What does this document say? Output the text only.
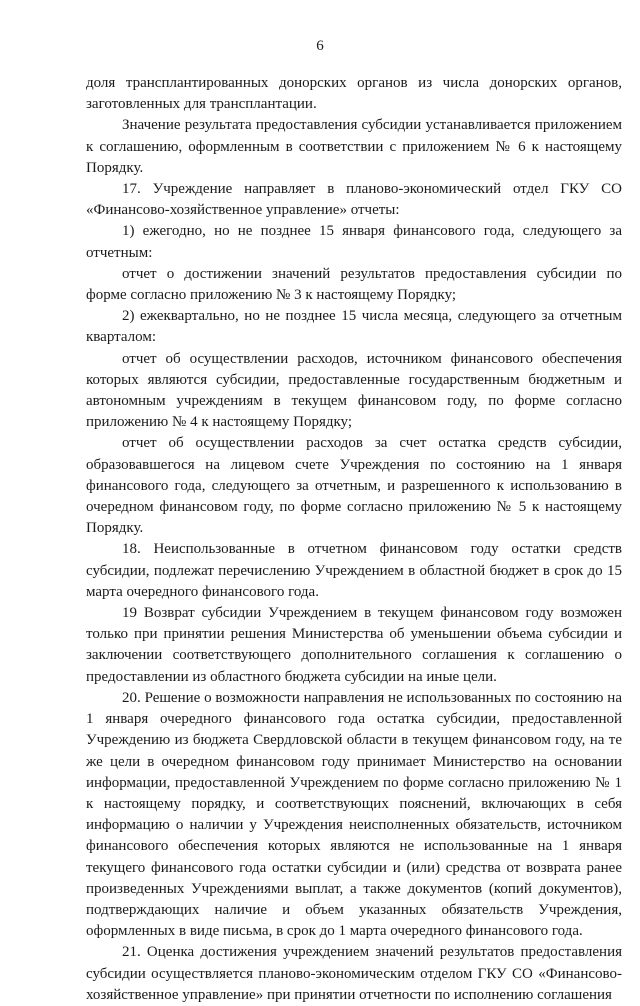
6

доля трансплантированных донорских органов из числа донорских органов, заготовленных для трансплантации.

Значение результата предоставления субсидии устанавливается приложением к соглашению, оформленным в соответствии с приложением № 6 к настоящему Порядку.

17. Учреждение направляет в планово-экономический отдел ГКУ СО «Финансово-хозяйственное управление» отчеты:

1) ежегодно, но не позднее 15 января финансового года, следующего за отчетным:

отчет о достижении значений результатов предоставления субсидии по форме согласно приложению № 3 к настоящему Порядку;

2) ежеквартально, но не позднее 15 числа месяца, следующего за отчетным кварталом:

отчет об осуществлении расходов, источником финансового обеспечения которых являются субсидии, предоставленные государственным бюджетным и автономным учреждениям в текущем финансовом году, по форме согласно приложению № 4 к настоящему Порядку;

отчет об осуществлении расходов за счет остатка средств субсидии, образовавшегося на лицевом счете Учреждения по состоянию на 1 января финансового года, следующего за отчетным, и разрешенного к использованию в очередном финансовом году, по форме согласно приложению № 5 к настоящему Порядку.

18. Неиспользованные в отчетном финансовом году остатки средств субсидии, подлежат перечислению Учреждением в областной бюджет в срок до 15 марта очередного финансового года.

19 Возврат субсидии Учреждением в текущем финансовом году возможен только при принятии решения Министерства об уменьшении объема субсидии и заключении соответствующего дополнительного соглашения к соглашению о предоставлении из областного бюджета субсидии на иные цели.

20. Решение о возможности направления не использованных по состоянию на 1 января очередного финансового года остатка субсидии, предоставленной Учреждению из бюджета Свердловской области в текущем финансовом году, на те же цели в очередном финансовом году принимает Министерство на основании информации, предоставленной Учреждением по форме согласно приложению № 1 к настоящему порядку, и соответствующих пояснений, включающих в себя информацию о наличии у Учреждения неисполненных обязательств, источником финансового обеспечения которых являются не использованные на 1 января текущего финансового года остатки субсидии и (или) средства от возврата ранее произведенных Учреждениями выплат, а также документов (копий документов), подтверждающих наличие и объем указанных обязательств Учреждения, оформленных в виде письма, в срок до 1 марта очередного финансового года.

21. Оценка достижения учреждением значений результатов предоставления субсидии осуществляется планово-экономическим отделом ГКУ СО «Финансово-хозяйственное управление» при принятии отчетности по исполнению соглашения
